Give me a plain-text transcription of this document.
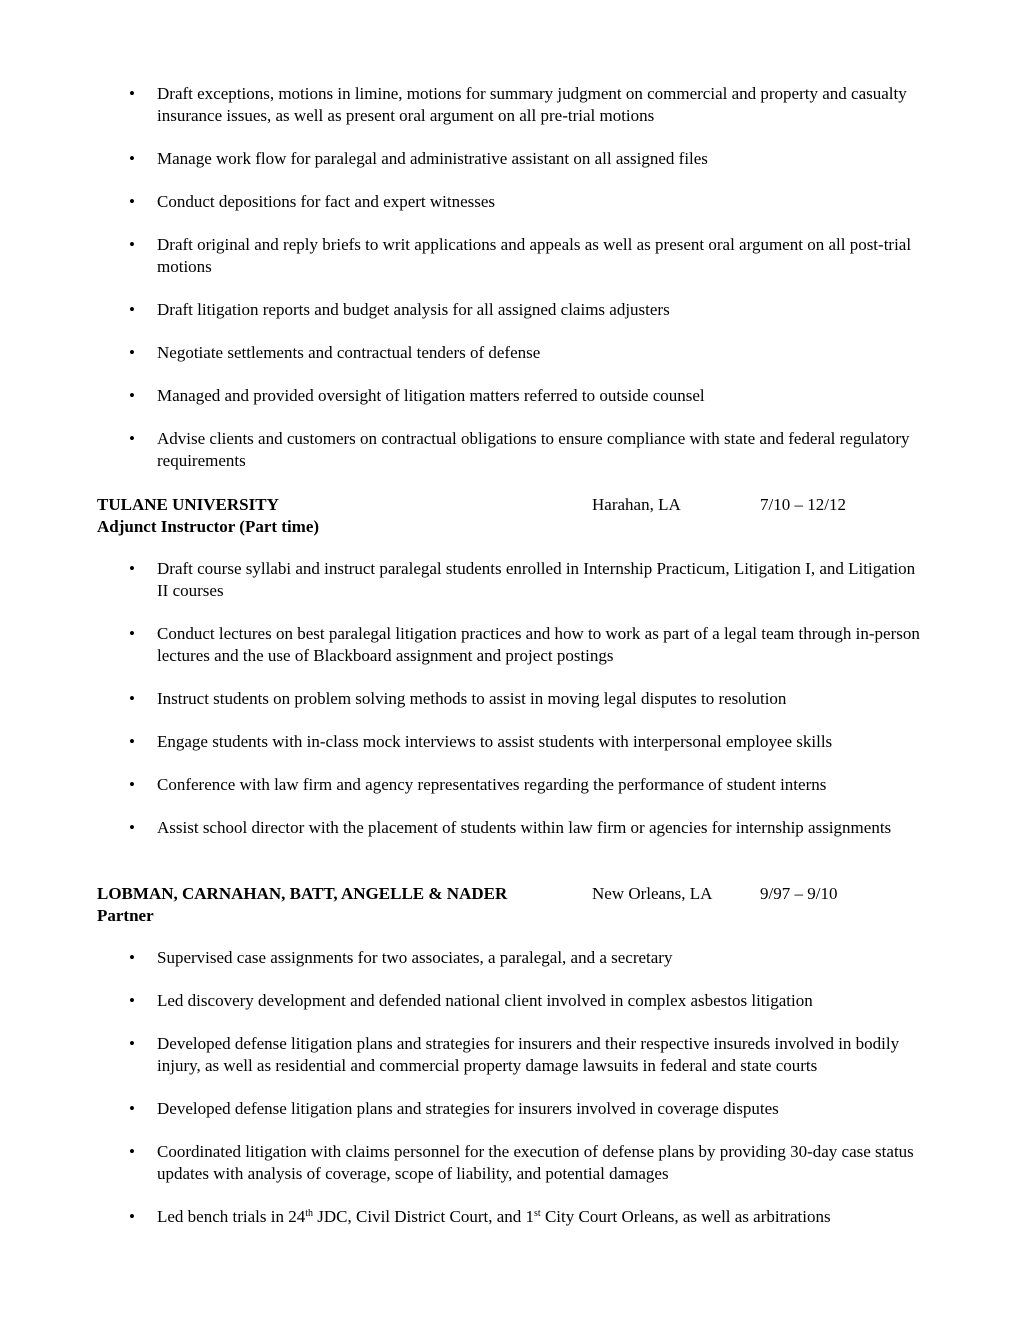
• Draft exceptions, motions in limine, motions for summary judgment on commercial and property and casualty insurance issues, as well as present oral argument on all pre-trial motions
• Manage work flow for paralegal and administrative assistant on all assigned files
• Conduct depositions for fact and expert witnesses
• Draft original and reply briefs to writ applications and appeals as well as present oral argument on all post-trial motions
• Draft litigation reports and budget analysis for all assigned claims adjusters
• Negotiate settlements and contractual tenders of defense
• Managed and provided oversight of litigation matters referred to outside counsel
• Advise clients and customers on contractual obligations to ensure compliance with state and federal regulatory requirements
TULANE UNIVERSITY	Harahan, LA	7/10 – 12/12
Adjunct Instructor (Part time)
• Draft course syllabi and instruct paralegal students enrolled in Internship Practicum, Litigation I, and Litigation II courses
• Conduct lectures on best paralegal litigation practices and how to work as part of a legal team through in-person lectures and the use of Blackboard assignment and project postings
• Instruct students on problem solving methods to assist in moving legal disputes to resolution
• Engage students with in-class mock interviews to assist students with interpersonal employee skills
• Conference with law firm and agency representatives regarding the performance of student interns
• Assist school director with the placement of students within law firm or agencies for internship assignments
LOBMAN, CARNAHAN, BATT, ANGELLE & NADER	New Orleans, LA	9/97 – 9/10
Partner
• Supervised case assignments for two associates, a paralegal, and a secretary
• Led discovery development and defended national client involved in complex asbestos litigation
• Developed defense litigation plans and strategies for insurers and their respective insureds involved in bodily injury, as well as residential and commercial property damage lawsuits in federal and state courts
• Developed defense litigation plans and strategies for insurers involved in coverage disputes
• Coordinated litigation with claims personnel for the execution of defense plans by providing 30-day case status updates with analysis of coverage, scope of liability, and potential damages
• Led bench trials in 24th JDC, Civil District Court, and 1st City Court Orleans, as well as arbitrations
